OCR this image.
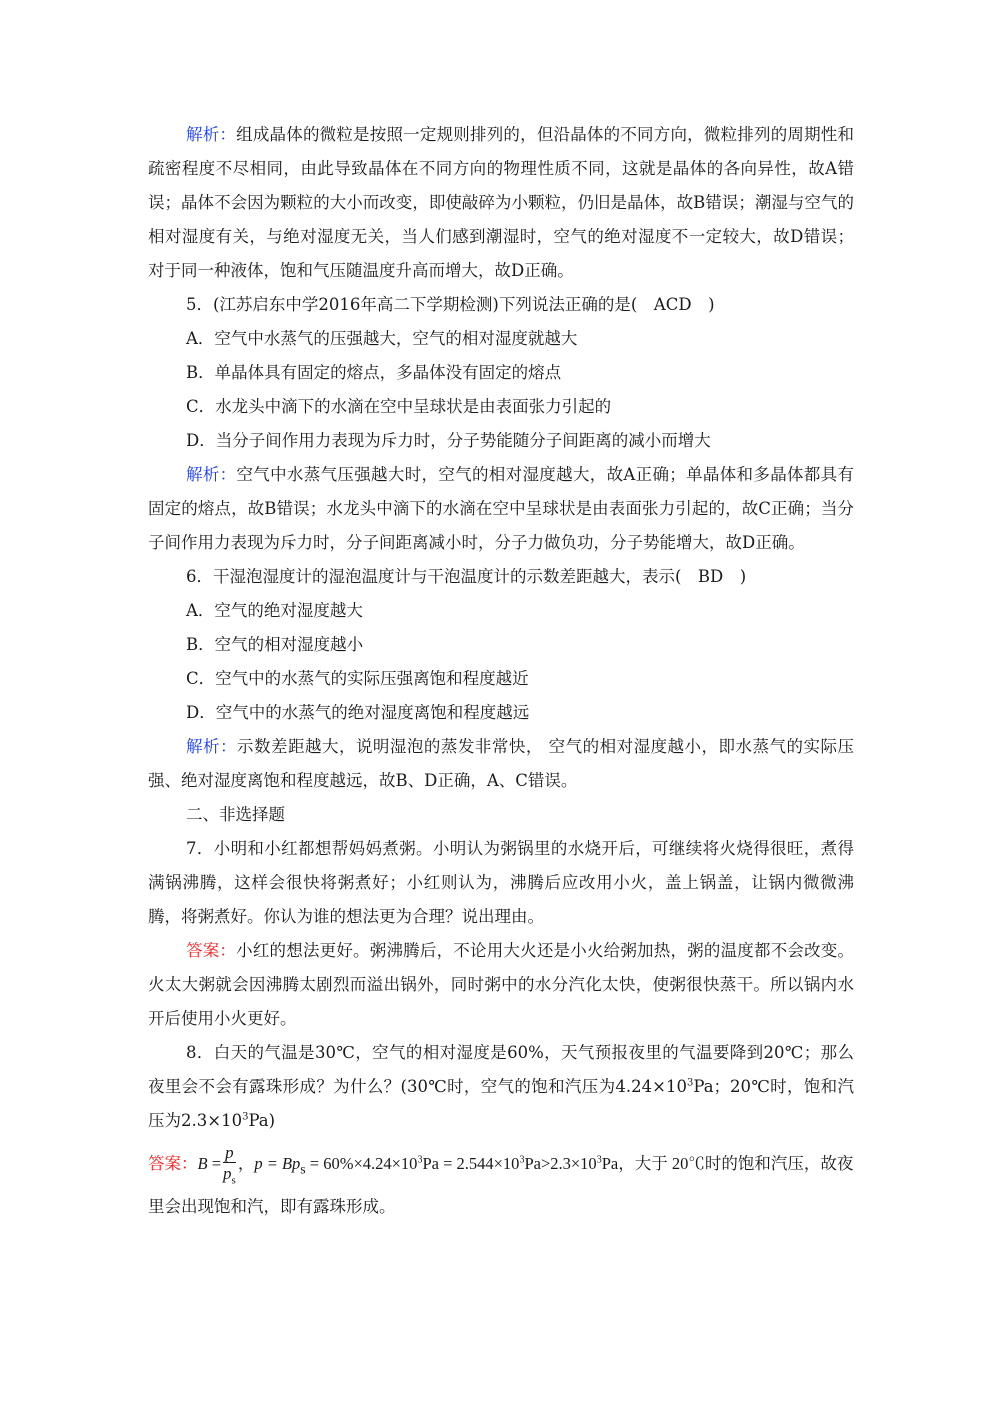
解析：组成晶体的微粒是按照一定规则排列的，但沿晶体的不同方向，微粒排列的周期性和疏密程度不尽相同，由此导致晶体在不同方向的物理性质不同，这就是晶体的各向异性，故A错误；晶体不会因为颗粒的大小而改变，即使敲碎为小颗粒，仍旧是晶体，故B错误；潮湿与空气的相对湿度有关，与绝对湿度无关，当人们感到潮湿时，空气的绝对湿度不一定较大，故D错误；对于同一种液体，饱和气压随温度升高而增大，故D正确。

5．(江苏启东中学2016年高二下学期检测)下列说法正确的是(　ACD　)

A．空气中水蒸气的压强越大，空气的相对湿度就越大

B．单晶体具有固定的熔点，多晶体没有固定的熔点

C．水龙头中滴下的水滴在空中呈球状是由表面张力引起的

D．当分子间作用力表现为斥力时，分子势能随分子间距离的减小而增大

解析：空气中水蒸气压强越大时，空气的相对湿度越大，故A正确；单晶体和多晶体都具有固定的熔点，故B错误；水龙头中滴下的水滴在空中呈球状是由表面张力引起的，故C正确；当分子间作用力表现为斥力时，分子间距离减小时，分子力做负功，分子势能增大，故D正确。

6．干湿泡湿度计的湿泡温度计与干泡温度计的示数差距越大，表示(　BD　)

A．空气的绝对湿度越大

B．空气的相对湿度越小

C．空气中的水蒸气的实际压强离饱和程度越近

D．空气中的水蒸气的绝对湿度离饱和程度越远

解析：示数差距越大，说明湿泡的蒸发非常快， 空气的相对湿度越小，即水蒸气的实际压强、绝对湿度离饱和程度越远，故B、D正确，A、C错误。

二、非选择题

7．小明和小红都想帮妈妈煮粥。小明认为粥锅里的水烧开后，可继续将火烧得很旺，煮得满锅沸腾，这样会很快将粥煮好；小红则认为，沸腾后应改用小火，盖上锅盖，让锅内微微沸腾，将粥煮好。你认为谁的想法更为合理？说出理由。

答案：小红的想法更好。粥沸腾后，不论用大火还是小火给粥加热，粥的温度都不会改变。火太大粥就会因沸腾太剧烈而溢出锅外，同时粥中的水分汽化太快，使粥很快蒸干。所以锅内水开后使用小火更好。

8．白天的气温是30℃，空气的相对湿度是60%，天气预报夜里的气温要降到20℃；那么夜里会不会有露珠形成？为什么？(30℃时，空气的饱和汽压为$4.24\times 10^3Pa$；20℃时，饱和汽压为$2.3\times 10^3Pa$)

答案：$B = \frac{p}{p_s}$ ，$p = Bp_s = 60\%\times 4.24\times 10^3Pa = 2.544\times 10^3Pa>2.3\times 10^3Pa$，大于 20℃时的饱和汽压，故夜里会出现饱和汽，即有露珠形成。
